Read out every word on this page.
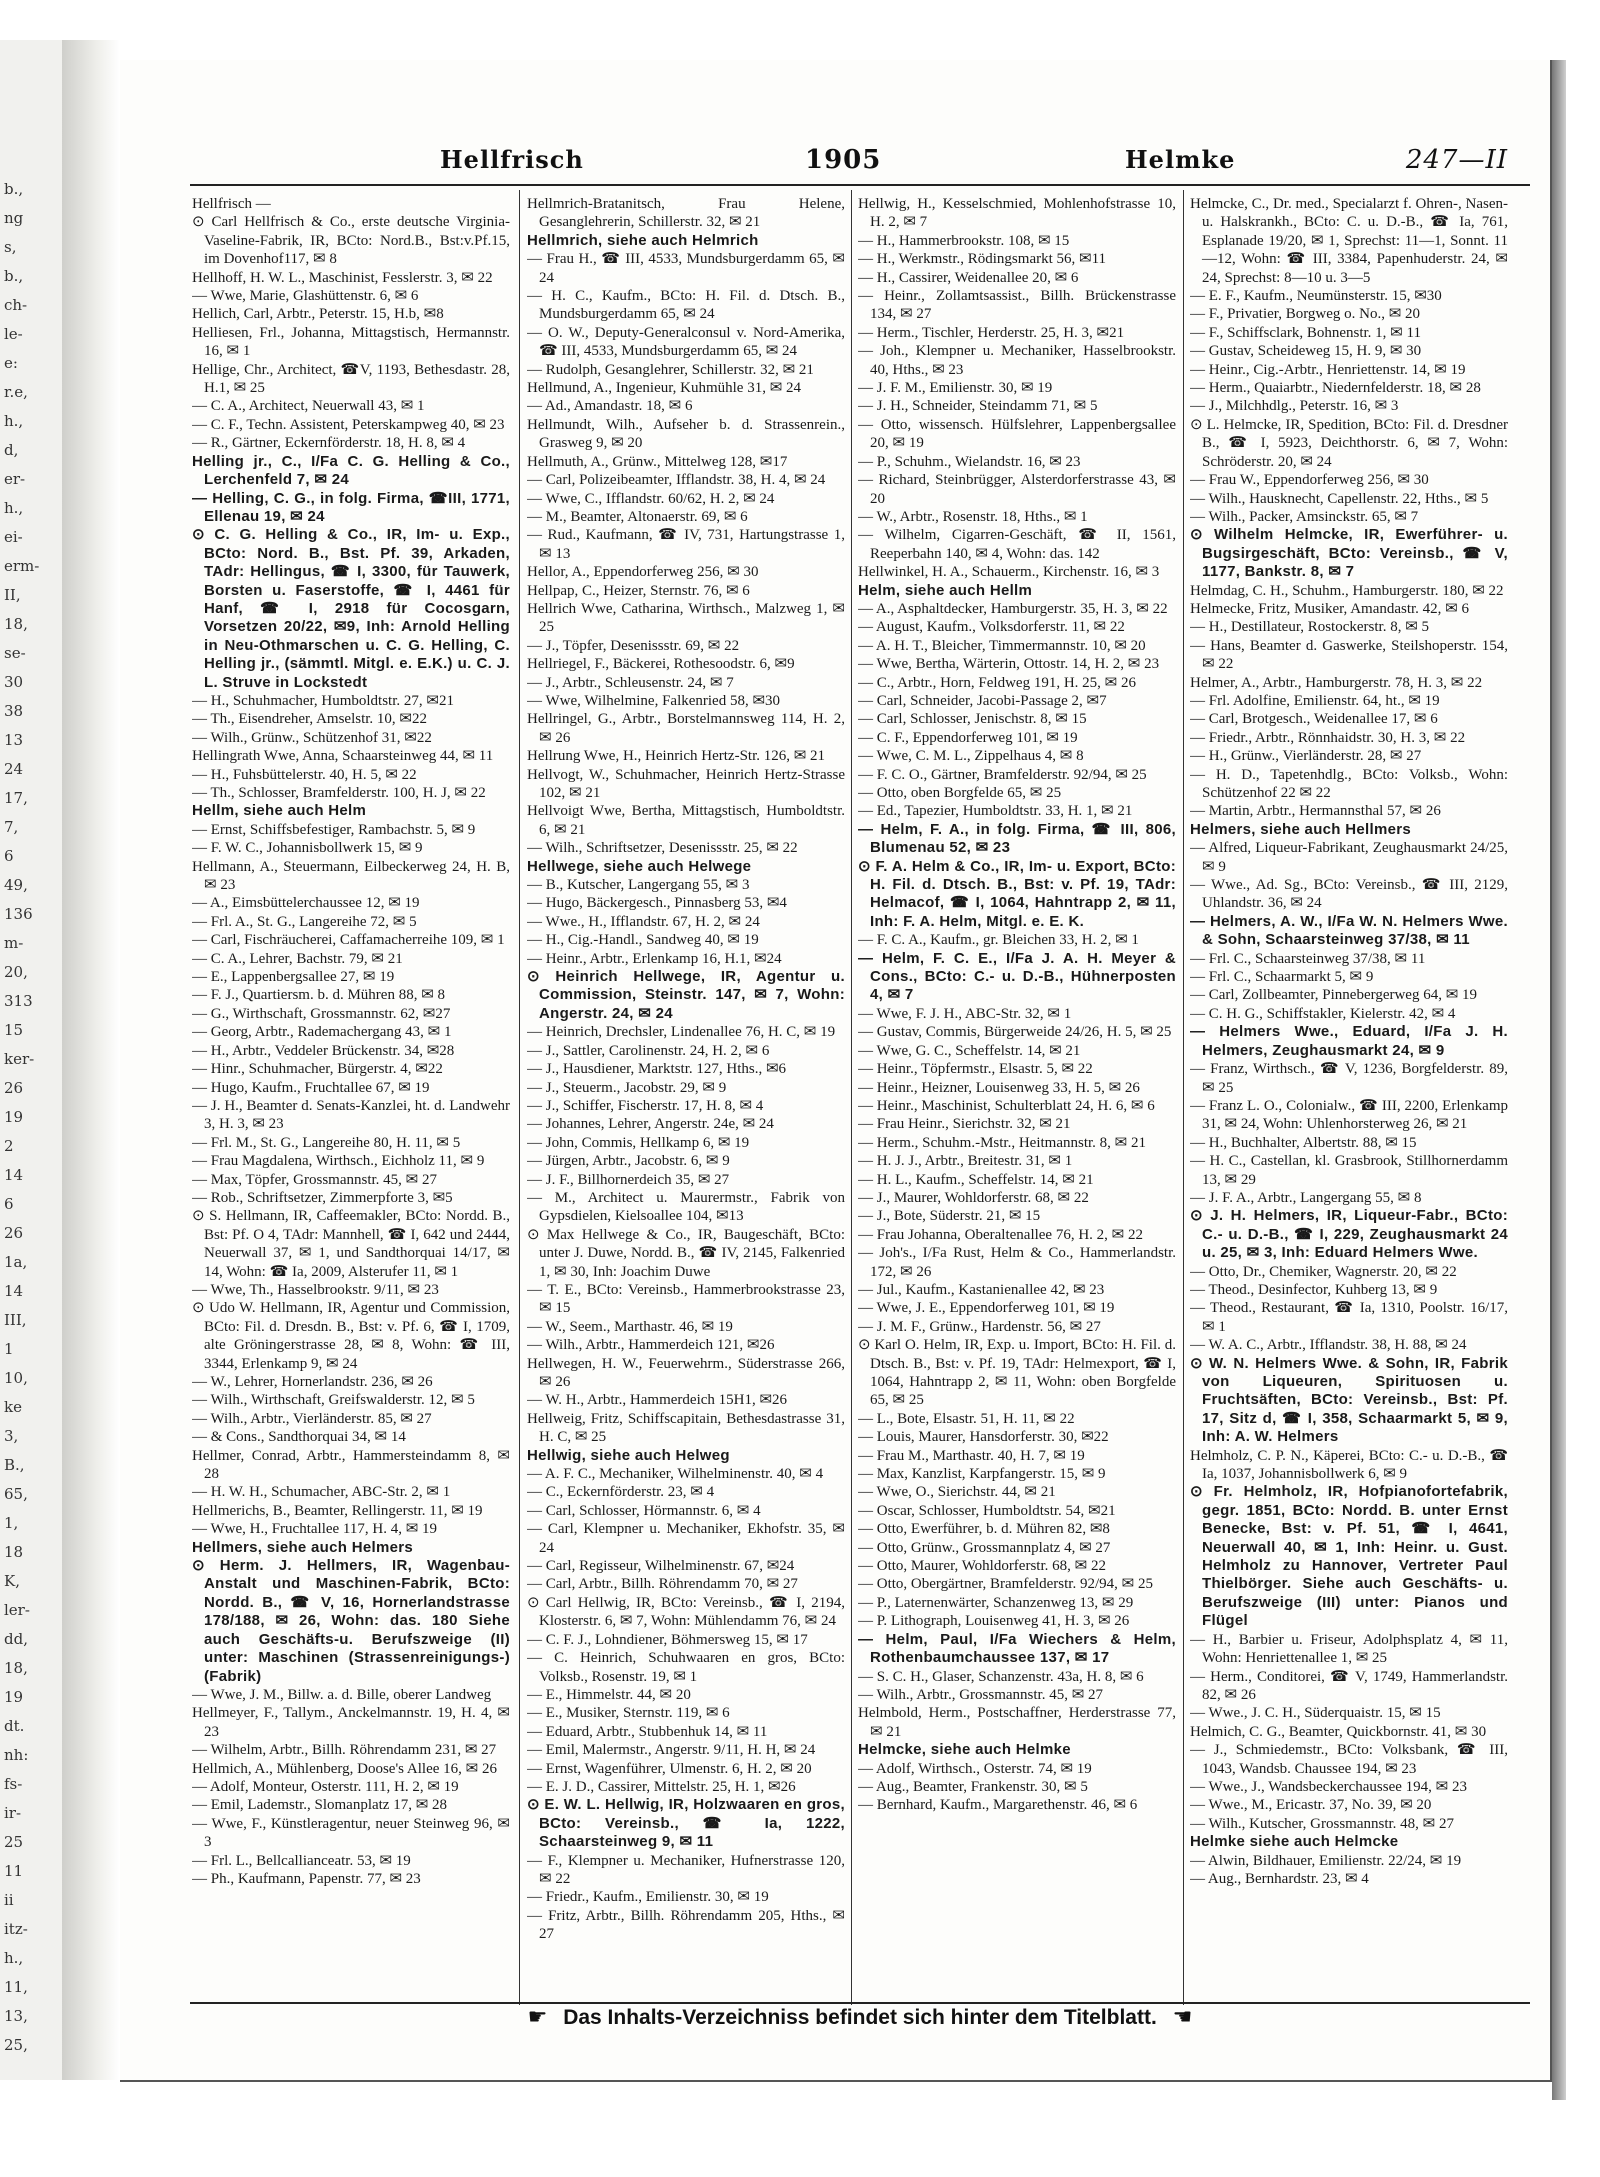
b.,
ng
s,
b.,
ch-
le-
e:
r.e,
h.,
d,
er-
h.,
ei-
erm-
II,
18,
se-
30
38
13
24
17,
7,
6
49,
136
m-
20,
313
15
ker-
26
19
2
14
6
26
1a,
14
III,
1
10,
ke
3,
B.,
65,
1,
18
K,
ler-
dd,
18,
19
dt.
nh:
fs-
ir-
25
11
ii
itz-
h.,
11,
13,
25,
Hellfrisch	1905	Helmke	247—II

Hellfrisch —

⊙ Carl Hellfrisch & Co., erste deutsche Virginia-Vaseline-Fabrik, IR, BCto: Nord.B., Bst:v.Pf.15, im Dovenhof117, ✉ 8

Hellhoff, H. W. L., Maschinist, Fesslerstr. 3, ✉ 22

— Wwe, Marie, Glashüttenstr. 6, ✉ 6

Hellich, Carl, Arbtr., Peterstr. 15, H.b, ✉8

Helliesen, Frl., Johanna, Mittagstisch, Hermannstr. 16, ✉ 1

Hellige, Chr., Architect, ☎V, 1193, Bethesdastr. 28, H.1, ✉ 25

— C. A., Architect, Neuerwall 43, ✉ 1

— C. F., Techn. Assistent, Peterskampweg 40, ✉ 23

— R., Gärtner, Eckernförderstr. 18, H. 8, ✉ 4

Helling jr., C., I/Fa C. G. Helling & Co., Lerchenfeld 7, ✉ 24

— Helling, C. G., in folg. Firma, ☎III, 1771, Ellenau 19, ✉ 24

⊙ C. G. Helling & Co., IR, Im- u. Exp., BCto: Nord. B., Bst. Pf. 39, Arkaden, TAdr: Hellingus, ☎ I, 3300, für Tauwerk, Borsten u. Faserstoffe, ☎ I, 4461 für Hanf, ☎ I, 2918 für Cocosgarn, Vorsetzen 20/22, ✉9, Inh: Arnold Helling in Neu-Othmarschen u. C. G. Helling, C. Helling jr., (sämmtl. Mitgl. e. E.K.) u. C. J. L. Struve in Lockstedt

— H., Schuhmacher, Humboldtstr. 27, ✉21

— Th., Eisendreher, Amselstr. 10, ✉22

— Wilh., Grünw., Schützenhof 31, ✉22

Hellingrath Wwe, Anna, Schaarsteinweg 44, ✉ 11

— H., Fuhsbüttelerstr. 40, H. 5, ✉ 22

— Th., Schlosser, Bramfelderstr. 100, H. J, ✉ 22

Hellm, siehe auch Helm

— Ernst, Schiffsbefestiger, Rambachstr. 5, ✉ 9

— F. W. C., Johannisbollwerk 15, ✉ 9

Hellmann, A., Steuermann, Eilbeckerweg 24, H. B, ✉ 23

— A., Eimsbüttelerchaussee 12, ✉ 19

— Frl. A., St. G., Langereihe 72, ✉ 5

— Carl, Fischräucherei, Caffamacherreihe 109, ✉ 1

— C. A., Lehrer, Bachstr. 79, ✉ 21

— E., Lappenbergsallee 27, ✉ 19

— F. J., Quartiersm. b. d. Mühren 88, ✉ 8

— G., Wirthschaft, Grossmannstr. 62, ✉27

— Georg, Arbtr., Rademachergang 43, ✉ 1

— H., Arbtr., Veddeler Brückenstr. 34, ✉28

— Hinr., Schuhmacher, Bürgerstr. 4, ✉22

— Hugo, Kaufm., Fruchtallee 67, ✉ 19

— J. H., Beamter d. Senats-Kanzlei, ht. d. Landwehr 3, H. 3, ✉ 23

— Frl. M., St. G., Langereihe 80, H. 11, ✉ 5

— Frau Magdalena, Wirthsch., Eichholz 11, ✉ 9

— Max, Töpfer, Grossmannstr. 45, ✉ 27

— Rob., Schriftsetzer, Zimmerpforte 3, ✉5

⊙ S. Hellmann, IR, Caffeemakler, BCto: Nordd. B., Bst: Pf. O 4, TAdr: Mannhell, ☎ I, 642 und 2444, Neuerwall 37, ✉ 1, und Sandthorquai 14/17, ✉ 14, Wohn: ☎ Ia, 2009, Alsterufer 11, ✉ 1

— Wwe, Th., Hasselbrookstr. 9/11, ✉ 23

⊙ Udo W. Hellmann, IR, Agentur und Commission, BCto: Fil. d. Dresdn. B., Bst: v. Pf. 6, ☎ I, 1709, alte Gröningerstrasse 28, ✉ 8, Wohn: ☎ III, 3344, Erlenkamp 9, ✉ 24

— W., Lehrer, Hornerlandstr. 236, ✉ 26

— Wilh., Wirthschaft, Greifswalderstr. 12, ✉ 5

— Wilh., Arbtr., Vierländerstr. 85, ✉ 27

— & Cons., Sandthorquai 34, ✉ 14

Hellmer, Conrad, Arbtr., Hammersteindamm 8, ✉ 28

— H. W. H., Schumacher, ABC-Str. 2, ✉ 1

Hellmerichs, B., Beamter, Rellingerstr. 11, ✉ 19

— Wwe, H., Fruchtallee 117, H. 4, ✉ 19

Hellmers, siehe auch Helmers

⊙ Herm. J. Hellmers, IR, Wagenbau-Anstalt und Maschinen-Fabrik, BCto: Nordd. B., ☎ V, 16, Hornerlandstrasse 178/188, ✉ 26, Wohn: das. 180 Siehe auch Geschäfts-u. Berufszweige (II) unter: Maschinen (Strassenreinigungs-) (Fabrik)

— Wwe, J. M., Billw. a. d. Bille, oberer Landweg

Hellmeyer, F., Tallym., Anckelmannstr. 19, H. 4, ✉ 23

— Wilhelm, Arbtr., Billh. Röhrendamm 231, ✉ 27

Hellmich, A., Mühlenberg, Doose's Allee 16, ✉ 26

— Adolf, Monteur, Osterstr. 111, H. 2, ✉ 19

— Emil, Lademstr., Slomanplatz 17, ✉ 28

— Wwe, F., Künstleragentur, neuer Steinweg 96, ✉ 3

— Frl. L., Bellcallianceatr. 53, ✉ 19

— Ph., Kaufmann, Papenstr. 77, ✉ 23

Hellmrich-Bratanitsch, Frau Helene, Gesanglehrerin, Schillerstr. 32, ✉ 21

Hellmrich, siehe auch Helmrich

— Frau H., ☎ III, 4533, Mundsburgerdamm 65, ✉ 24

— H. C., Kaufm., BCto: H. Fil. d. Dtsch. B., Mundsburgerdamm 65, ✉ 24

— O. W., Deputy-Generalconsul v. Nord-Amerika, ☎ III, 4533, Mundsburgerdamm 65, ✉ 24

— Rudolph, Gesanglehrer, Schillerstr. 32, ✉ 21

Hellmund, A., Ingenieur, Kuhmühle 31, ✉ 24

— Ad., Amandastr. 18, ✉ 6

Hellmundt, Wilh., Aufseher b. d. Strassenrein., Grasweg 9, ✉ 20

Hellmuth, A., Grünw., Mittelweg 128, ✉17

— Carl, Polizeibeamter, Ifflandstr. 38, H. 4, ✉ 24

— Wwe, C., Ifflandstr. 60/62, H. 2, ✉ 24

— M., Beamter, Altonaerstr. 69, ✉ 6

— Rud., Kaufmann, ☎ IV, 731, Hartungstrasse 1, ✉ 13

Hellor, A., Eppendorferweg 256, ✉ 30

Hellpap, C., Heizer, Sternstr. 76, ✉ 6

Hellrich Wwe, Catharina, Wirthsch., Malzweg 1, ✉ 25

— J., Töpfer, Desenissstr. 69, ✉ 22

Hellriegel, F., Bäckerei, Rothesoodstr. 6, ✉9

— J., Arbtr., Schleusenstr. 24, ✉ 7

— Wwe, Wilhelmine, Falkenried 58, ✉30

Hellringel, G., Arbtr., Borstelmannsweg 114, H. 2, ✉ 26

Hellrung Wwe, H., Heinrich Hertz-Str. 126, ✉ 21

Hellvogt, W., Schuhmacher, Heinrich Hertz-Strasse 102, ✉ 21

Hellvoigt Wwe, Bertha, Mittagstisch, Humboldtstr. 6, ✉ 21

— Wilh., Schriftsetzer, Desenissstr. 25, ✉ 22

Hellwege, siehe auch Helwege

— B., Kutscher, Langergang 55, ✉ 3

— Hugo, Bäckergesch., Pinnasberg 53, ✉4

— Wwe., H., Ifflandstr. 67, H. 2, ✉ 24

— H., Cig.-Handl., Sandweg 40, ✉ 19

— Heinr., Arbtr., Erlenkamp 16, H.1, ✉24

⊙ Heinrich Hellwege, IR, Agentur u. Commission, Steinstr. 147, ✉ 7, Wohn: Angerstr. 24, ✉ 24

— Heinrich, Drechsler, Lindenallee 76, H. C, ✉ 19

— J., Sattler, Carolinenstr. 24, H. 2, ✉ 6

— J., Hausdiener, Marktstr. 127, Hths., ✉6

— J., Steuerm., Jacobstr. 29, ✉ 9

— J., Schiffer, Fischerstr. 17, H. 8, ✉ 4

— Johannes, Lehrer, Angerstr. 24e, ✉ 24

— John, Commis, Hellkamp 6, ✉ 19

— Jürgen, Arbtr., Jacobstr. 6, ✉ 9

— J. F., Billhornerdeich 35, ✉ 27

— M., Architect u. Maurermstr., Fabrik von Gypsdielen, Kielsoallee 104, ✉13

⊙ Max Hellwege & Co., IR, Baugeschäft, BCto: unter J. Duwe, Nordd. B., ☎ IV, 2145, Falkenried 1, ✉ 30, Inh: Joachim Duwe

— T. E., BCto: Vereinsb., Hammerbrookstrasse 23, ✉ 15

— W., Seem., Marthastr. 46, ✉ 19

— Wilh., Arbtr., Hammerdeich 121, ✉26

Hellwegen, H. W., Feuerwehrm., Süderstrasse 266, ✉ 26

— W. H., Arbtr., Hammerdeich 15H1, ✉26

Hellweig, Fritz, Schiffscapitain, Bethesdastrasse 31, H. C, ✉ 25

Hellwig, siehe auch Helweg

— A. F. C., Mechaniker, Wilhelminenstr. 40, ✉ 4

— C., Eckernförderstr. 23, ✉ 4

— Carl, Schlosser, Hörmannstr. 6, ✉ 4

— Carl, Klempner u. Mechaniker, Ekhofstr. 35, ✉ 24

— Carl, Regisseur, Wilhelminenstr. 67, ✉24

— Carl, Arbtr., Billh. Röhrendamm 70, ✉ 27

⊙ Carl Hellwig, IR, BCto: Vereinsb., ☎ I, 2194, Klosterstr. 6, ✉ 7, Wohn: Mühlendamm 76, ✉ 24

— C. F. J., Lohndiener, Böhmersweg 15, ✉ 17

— C. Heinrich, Schuhwaaren en gros, BCto: Volksb., Rosenstr. 19, ✉ 1

— E., Himmelstr. 44, ✉ 20

— E., Musiker, Sternstr. 119, ✉ 6

— Eduard, Arbtr., Stubbenhuk 14, ✉ 11

— Emil, Malermstr., Angerstr. 9/11, H. H, ✉ 24

— Ernst, Wagenführer, Ulmenstr. 6, H. 2, ✉ 20

— E. J. D., Cassirer, Mittelstr. 25, H. 1, ✉26

⊙ E. W. L. Hellwig, IR, Holzwaaren en gros, BCto: Vereinsb., ☎ Ia, 1222, Schaarsteinweg 9, ✉ 11

— F., Klempner u. Mechaniker, Hufnerstrasse 120, ✉ 22

— Friedr., Kaufm., Emilienstr. 30, ✉ 19

— Fritz, Arbtr., Billh. Röhrendamm 205, Hths., ✉ 27

Hellwig, H., Kesselschmied, Mohlenhofstrasse 10, H. 2, ✉ 7

— H., Hammerbrookstr. 108, ✉ 15

— H., Werkmstr., Rödingsmarkt 56, ✉11

— H., Cassirer, Weidenallee 20, ✉ 6

— Heinr., Zollamtsassist., Billh. Brückenstrasse 134, ✉ 27

— Herm., Tischler, Herderstr. 25, H. 3, ✉21

— Joh., Klempner u. Mechaniker, Hasselbrookstr. 40, Hths., ✉ 23

— J. F. M., Emilienstr. 30, ✉ 19

— J. H., Schneider, Steindamm 71, ✉ 5

— Otto, wissensch. Hülfslehrer, Lappenbergsallee 20, ✉ 19

— P., Schuhm., Wielandstr. 16, ✉ 23

— Richard, Steinbrügger, Alsterdorferstrasse 43, ✉ 20

— W., Arbtr., Rosenstr. 18, Hths., ✉ 1

— Wilhelm, Cigarren-Geschäft, ☎ II, 1561, Reeperbahn 140, ✉ 4, Wohn: das. 142

Hellwinkel, H. A., Schauerm., Kirchenstr. 16, ✉ 3

Helm, siehe auch Hellm

— A., Asphaltdecker, Hamburgerstr. 35, H. 3, ✉ 22

— August, Kaufm., Volksdorferstr. 11, ✉ 22

— A. H. T., Bleicher, Timmermannstr. 10, ✉ 20

— Wwe, Bertha, Wärterin, Ottostr. 14, H. 2, ✉ 23

— C., Arbtr., Horn, Feldweg 191, H. 25, ✉ 26

— Carl, Schneider, Jacobi-Passage 2, ✉7

— Carl, Schlosser, Jenischstr. 8, ✉ 15

— C. F., Eppendorferweg 101, ✉ 19

— Wwe, C. M. L., Zippelhaus 4, ✉ 8

— F. C. O., Gärtner, Bramfelderstr. 92/94, ✉ 25

— Otto, oben Borgfelde 65, ✉ 25

— Ed., Tapezier, Humboldtstr. 33, H. 1, ✉ 21

— Helm, F. A., in folg. Firma, ☎ III, 806, Blumenau 52, ✉ 23

⊙ F. A. Helm & Co., IR, Im- u. Export, BCto: H. Fil. d. Dtsch. B., Bst: v. Pf. 19, TAdr: Helmacof, ☎ I, 1064, Hahntrapp 2, ✉ 11, Inh: F. A. Helm, Mitgl. e. E. K.

— F. C. A., Kaufm., gr. Bleichen 33, H. 2, ✉ 1

— Helm, F. C. E., I/Fa J. A. H. Meyer & Cons., BCto: C.- u. D.-B., Hühnerposten 4, ✉ 7

— Wwe, F. J. H., ABC-Str. 32, ✉ 1

— Gustav, Commis, Bürgerweide 24/26, H. 5, ✉ 25

— Wwe, G. C., Scheffelstr. 14, ✉ 21

— Heinr., Töpfermstr., Elsastr. 5, ✉ 22

— Heinr., Heizner, Louisenweg 33, H. 5, ✉ 26

— Heinr., Maschinist, Schulterblatt 24, H. 6, ✉ 6

— Frau Heinr., Sierichstr. 32, ✉ 21

— Herm., Schuhm.-Mstr., Heitmannstr. 8, ✉ 21

— H. J. J., Arbtr., Breitestr. 31, ✉ 1

— H. L., Kaufm., Scheffelstr. 14, ✉ 21

— J., Maurer, Wohldorferstr. 68, ✉ 22

— J., Bote, Süderstr. 21, ✉ 15

— Frau Johanna, Oberaltenallee 76, H. 2, ✉ 22

— Joh's., I/Fa Rust, Helm & Co., Hammerlandstr. 172, ✉ 26

— Jul., Kaufm., Kastanienallee 42, ✉ 23

— Wwe, J. E., Eppendorferweg 101, ✉ 19

— J. M. F., Grünw., Hardenstr. 56, ✉ 27

⊙ Karl O. Helm, IR, Exp. u. Import, BCto: H. Fil. d. Dtsch. B., Bst: v. Pf. 19, TAdr: Helmexport, ☎ I, 1064, Hahntrapp 2, ✉ 11, Wohn: oben Borgfelde 65, ✉ 25

— L., Bote, Elsastr. 51, H. 11, ✉ 22

— Louis, Maurer, Hansdorferstr. 30, ✉22

— Frau M., Marthastr. 40, H. 7, ✉ 19

— Max, Kanzlist, Karpfangerstr. 15, ✉ 9

— Wwe, O., Sierichstr. 44, ✉ 21

— Oscar, Schlosser, Humboldtstr. 54, ✉21

— Otto, Ewerführer, b. d. Mühren 82, ✉8

— Otto, Grünw., Grossmannplatz 4, ✉ 27

— Otto, Maurer, Wohldorferstr. 68, ✉ 22

— Otto, Obergärtner, Bramfelderstr. 92/94, ✉ 25

— P., Laternenwärter, Schanzenweg 13, ✉ 29

— P. Lithograph, Louisenweg 41, H. 3, ✉ 26

— Helm, Paul, I/Fa Wiechers & Helm, Rothenbaumchaussee 137, ✉ 17

— S. C. H., Glaser, Schanzenstr. 43a, H. 8, ✉ 6

— Wilh., Arbtr., Grossmannstr. 45, ✉ 27

Helmbold, Herm., Postschaffner, Herderstrasse 77, ✉ 21

Helmcke, siehe auch Helmke

— Adolf, Wirthsch., Osterstr. 74, ✉ 19

— Aug., Beamter, Frankenstr. 30, ✉ 5

— Bernhard, Kaufm., Margarethenstr. 46, ✉ 6

Helmcke, C., Dr. med., Specialarzt f. Ohren-, Nasen- u. Halskrankh., BCto: C. u. D.-B., ☎ Ia, 761, Esplanade 19/20, ✉ 1, Sprechst: 11—1, Sonnt. 11—12, Wohn: ☎ III, 3384, Papenhuderstr. 24, ✉ 24, Sprechst: 8—10 u. 3—5

— E. F., Kaufm., Neumünsterstr. 15, ✉30

— F., Privatier, Borgweg o. No., ✉ 20

— F., Schiffsclark, Bohnenstr. 1, ✉ 11

— Gustav, Scheideweg 15, H. 9, ✉ 30

— Heinr., Cig.-Arbtr., Henriettenstr. 14, ✉ 19

— Herm., Quaiarbtr., Niedernfelderstr. 18, ✉ 28

— J., Milchhdlg., Peterstr. 16, ✉ 3

⊙ L. Helmcke, IR, Spedition, BCto: Fil. d. Dresdner B., ☎ I, 5923, Deichthorstr. 6, ✉ 7, Wohn: Schröderstr. 20, ✉ 24

— Frau W., Eppendorferweg 256, ✉ 30

— Wilh., Hausknecht, Capellenstr. 22, Hths., ✉ 5

— Wilh., Packer, Amsinckstr. 65, ✉ 7

⊙ Wilhelm Helmcke, IR, Ewerführer- u. Bugsirgeschäft, BCto: Vereinsb., ☎ V, 1177, Bankstr. 8, ✉ 7

Helmdag, C. H., Schuhm., Hamburgerstr. 180, ✉ 22

Helmecke, Fritz, Musiker, Amandastr. 42, ✉ 6

— H., Destillateur, Rostockerstr. 8, ✉ 5

— Hans, Beamter d. Gaswerke, Steilshoperstr. 154, ✉ 22

Helmer, A., Arbtr., Hamburgerstr. 78, H. 3, ✉ 22

— Frl. Adolfine, Emilienstr. 64, ht., ✉ 19

— Carl, Brotgesch., Weidenallee 17, ✉ 6

— Friedr., Arbtr., Rönnhaidstr. 30, H. 3, ✉ 22

— H., Grünw., Vierländerstr. 28, ✉ 27

— H. D., Tapetenhdlg., BCto: Volksb., Wohn: Schützenhof 22 ✉ 22

— Martin, Arbtr., Hermannsthal 57, ✉ 26

Helmers, siehe auch Hellmers

— Alfred, Liqueur-Fabrikant, Zeughausmarkt 24/25, ✉ 9

— Wwe., Ad. Sg., BCto: Vereinsb., ☎ III, 2129, Uhlandstr. 36, ✉ 24

— Helmers, A. W., I/Fa W. N. Helmers Wwe. & Sohn, Schaarsteinweg 37/38, ✉ 11

— Frl. C., Schaarsteinweg 37/38, ✉ 11

— Frl. C., Schaarmarkt 5, ✉ 9

— Carl, Zollbeamter, Pinnebergerweg 64, ✉ 19

— C. H. G., Schiffstakler, Kielerstr. 42, ✉ 4

— Helmers Wwe., Eduard, I/Fa J. H. Helmers, Zeughausmarkt 24, ✉ 9

— Franz, Wirthsch., ☎ V, 1236, Borgfelderstr. 89, ✉ 25

— Franz L. O., Colonialw., ☎ III, 2200, Erlenkamp 31, ✉ 24, Wohn: Uhlenhorsterweg 26, ✉ 21

— H., Buchhalter, Albertstr. 88, ✉ 15

— H. C., Castellan, kl. Grasbrook, Stillhornerdamm 13, ✉ 29

— J. F. A., Arbtr., Langergang 55, ✉ 8

⊙ J. H. Helmers, IR, Liqueur-Fabr., BCto: C.- u. D.-B., ☎ I, 229, Zeughausmarkt 24 u. 25, ✉ 3, Inh: Eduard Helmers Wwe.

— Otto, Dr., Chemiker, Wagnerstr. 20, ✉ 22

— Theod., Desinfector, Kuhberg 13, ✉ 9

— Theod., Restaurant, ☎ Ia, 1310, Poolstr. 16/17, ✉ 1

— W. A. C., Arbtr., Ifflandstr. 38, H. 88, ✉ 24

⊙ W. N. Helmers Wwe. & Sohn, IR, Fabrik von Liqueuren, Spirituosen u. Fruchtsäften, BCto: Vereinsb., Bst: Pf. 17, Sitz d, ☎ I, 358, Schaarmarkt 5, ✉ 9, Inh: A. W. Helmers

Helmholz, C. P. N., Käperei, BCto: C.- u. D.-B., ☎ Ia, 1037, Johannisbollwerk 6, ✉ 9

⊙ Fr. Helmholz, IR, Hofpianofortefabrik, gegr. 1851, BCto: Nordd. B. unter Ernst Benecke, Bst: v. Pf. 51, ☎ I, 4641, Neuerwall 40, ✉ 1, Inh: Heinr. u. Gust. Helmholz zu Hannover, Vertreter Paul Thielbörger. Siehe auch Geschäfts- u. Berufszweige (III) unter: Pianos und Flügel

— H., Barbier u. Friseur, Adolphsplatz 4, ✉ 11, Wohn: Henriettenallee 1, ✉ 25

— Herm., Conditorei, ☎ V, 1749, Hammerlandstr. 82, ✉ 26

— Wwe., J. C. H., Süderquaistr. 15, ✉ 15

Helmich, C. G., Beamter, Quickbornstr. 41, ✉ 30

— J., Schmiedemstr., BCto: Volksbank, ☎ III, 1043, Wandsb. Chaussee 194, ✉ 23

— Wwe., J., Wandsbeckerchaussee 194, ✉ 23

— Wwe., M., Ericastr. 37, No. 39, ✉ 20

— Wilh., Kutscher, Grossmannstr. 48, ✉ 27

Helmke siehe auch Helmcke

— Alwin, Bildhauer, Emilienstr. 22/24, ✉ 19

— Aug., Bernhardstr. 23, ✉ 4

☛ Das Inhalts-Verzeichniss befindet sich hinter dem Titelblatt. ☚
